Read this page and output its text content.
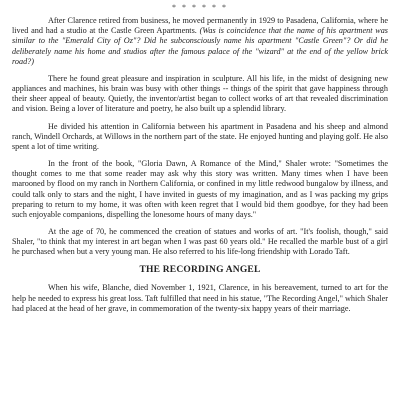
* * * * * *

After Clarence retired from business, he moved permanently in 1929 to Pasadena, California, where he lived and had a studio at the Castle Green Apartments. (Was is coincidence that the name of his apartment was similar to the "Emerald City of Oz"? Did he subconsciously name his apartment "Castle Green"? Or did he deliberately name his home and studios after the famous palace of the "wizard" at the end of the yellow brick road?)

There he found great pleasure and inspiration in sculpture. All his life, in the midst of designing new appliances and machines, his brain was busy with other things -- things of the spirit that gave happiness through their sheer appeal of beauty. Quietly, the inventor/artist began to collect works of art that revealed discrimination and vision. Being a lover of literature and poetry, he also built up a splendid library.

He divided his attention in California between his apartment in Pasadena and his sheep and almond ranch, Windell Orchards, at Willows in the northern part of the state. He enjoyed hunting and playing golf. He also spent a lot of time writing.

In the front of the book, "Gloria Dawn, A Romance of the Mind," Shaler wrote: "Sometimes the thought comes to me that some reader may ask why this story was written. Many times when I have been marooned by flood on my ranch in Northern California, or confined in my little redwood bungalow by illness, and could talk only to stars and the night, I have invited in guests of my imagination, and as I was packing my grips preparing to return to my home, it was often with keen regret that I would bid them goodbye, for they had been such enjoyable companions, dispelling the lonesome hours of many days."

At the age of 70, he commenced the creation of statues and works of art. "It's foolish, though," said Shaler, "to think that my interest in art began when I was past 60 years old." He recalled the marble bust of a girl he purchased when but a very young man. He also referred to his life-long friendship with Lorado Taft.

THE RECORDING ANGEL

When his wife, Blanche, died November 1, 1921, Clarence, in his bereavement, turned to art for the help he needed to express his great loss. Taft fulfilled that need in his statue, "The Recording Angel," which Shaler had placed at the head of her grave, in commemoration of the twenty-six happy years of their marriage.
